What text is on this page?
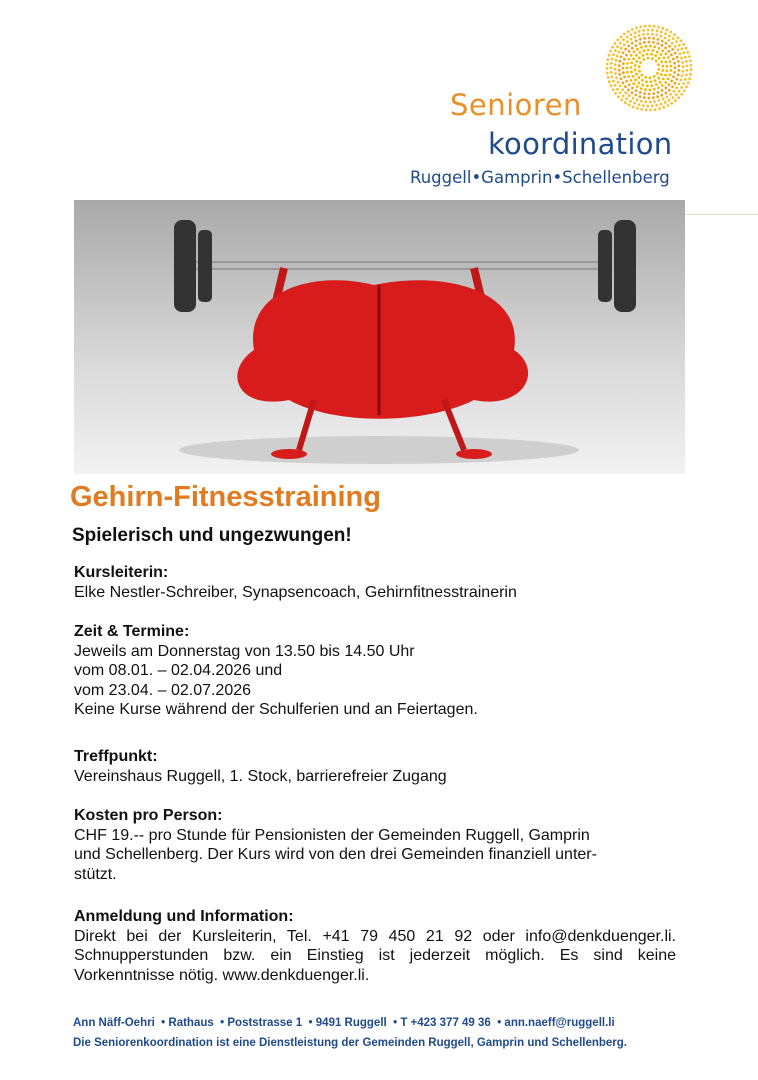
Senioren
koordination
Ruggell•Gamprin•Schellenberg
Gehirn-Fitnesstraining
Spielerisch und ungezwungen!
Kursleiterin:

Elke Nestler-Schreiber, Synapsencoach, Gehirnfitnesstrainerin

Zeit & Termine:

Jeweils am Donnerstag von 13.50 bis 14.50 Uhr

vom 08.01. – 02.04.2026 und

vom 23.04. – 02.07.2026

Keine Kurse während der Schulferien und an Feiertagen.

Treffpunkt:

Vereinshaus Ruggell, 1. Stock, barrierefreier Zugang

Kosten pro Person:

CHF 19.-- pro Stunde für Pensionisten der Gemeinden Ruggell, Gamprin

und Schellenberg. Der Kurs wird von den drei Gemeinden finanziell unter-

stützt.

Anmeldung und Information:

Direkt bei der Kursleiterin, Tel. +41 79 450 21 92 oder info@denkduenger.li. Schnupperstunden bzw. ein Einstieg ist jederzeit möglich. Es sind keine Vorkenntnisse nötig. www.denkduenger.li.

Ann Näff-Oehri  • Rathaus  • Poststrasse 1  • 9491 Ruggell  • T +423 377 49 36  • ann.naeff@ruggell.li
Die Seniorenkoordination ist eine Dienstleistung der Gemeinden Ruggell, Gamprin und Schellenberg.
